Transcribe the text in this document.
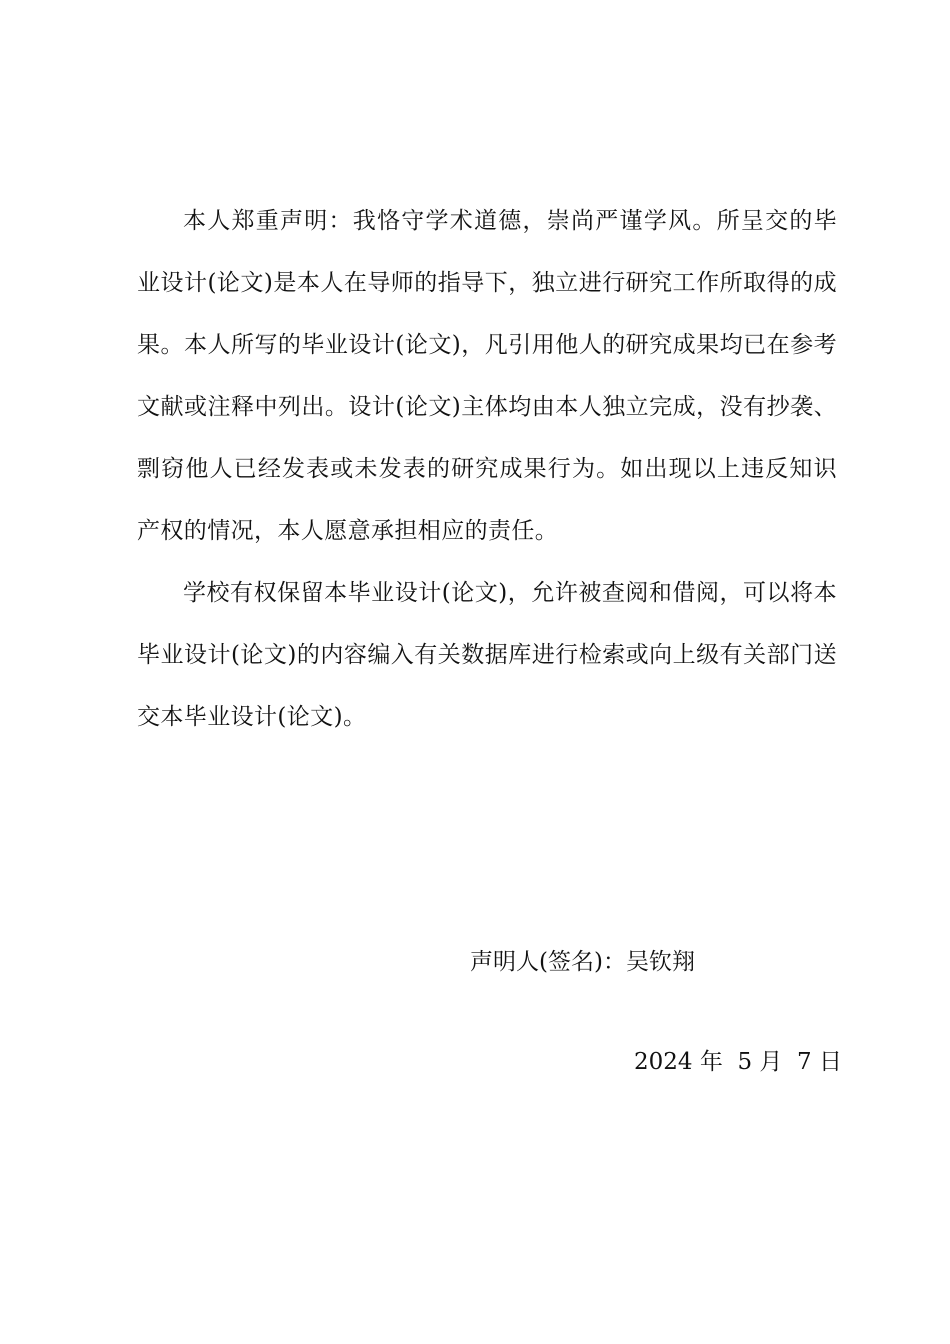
本人郑重声明：我恪守学术道德，崇尚严谨学风。所呈交的毕业设计(论文)是本人在导师的指导下，独立进行研究工作所取得的成果。本人所写的毕业设计(论文)，凡引用他人的研究成果均已在参考文献或注释中列出。设计(论文)主体均由本人独立完成，没有抄袭、剽窃他人已经发表或未发表的研究成果行为。如出现以上违反知识产权的情况，本人愿意承担相应的责任。

学校有权保留本毕业设计(论文)，允许被查阅和借阅，可以将本毕业设计(论文)的内容编入有关数据库进行检索或向上级有关部门送交本毕业设计(论文)。

声明人(签名)：吴钦翔
2024 年  5 月  7 日
